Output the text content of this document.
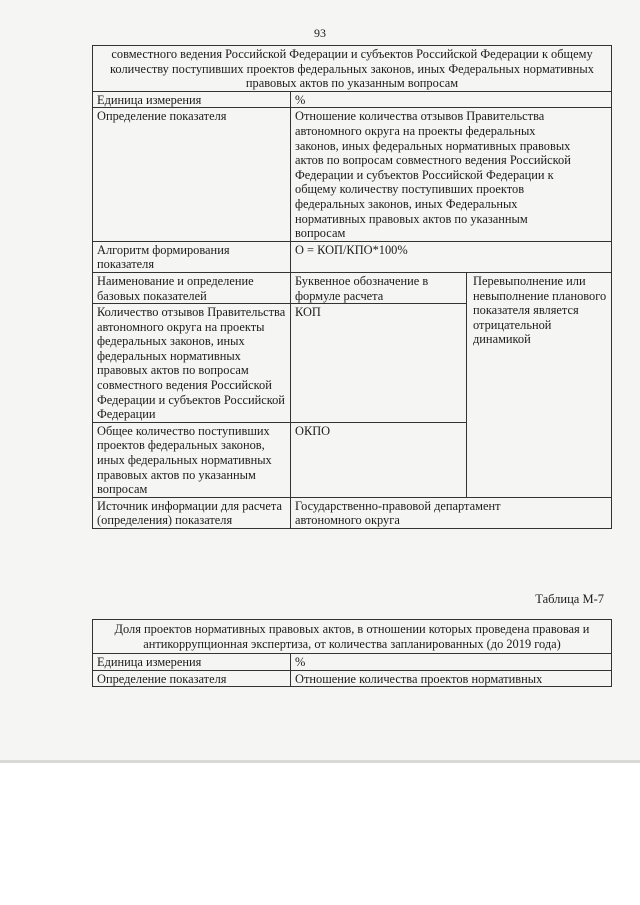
93
совместного ведения Российской Федерации и субъектов Российской Федерации к общему количеству поступивших проектов федеральных законов, иных Федеральных нормативных правовых актов по указанным вопросам		
Единица измерения	%	
Определение показателя	Отношение количества отзывов Правительства автономного округа на проекты федеральных законов, иных федеральных нормативных правовых актов по вопросам совместного ведения Российской Федерации и субъектов Российской Федерации к общему количеству поступивших проектов федеральных законов, иных Федеральных нормативных правовых актов по указанным вопросам	
Алгоритм формирования показателя	О = КОП/КПО*100%	
Наименование и определение базовых показателей	Буквенное обозначение в формуле расчета	Перевыполнение или невыполнение планового показателя является отрицательной динамикой
Количество отзывов Правительства автономного округа на проекты федеральных законов, иных федеральных нормативных правовых актов по вопросам совместного ведения Российской Федерации и субъектов Российской Федерации	КОП	
Общее количество поступивших проектов федеральных законов, иных федеральных нормативных правовых актов по указанным вопросам	ОКПО	
Источник информации для расчета (определения) показателя	Государственно-правовой департамент автономного округа	
Таблица М-7
Доля проектов нормативных правовых актов, в отношении которых проведена правовая и антикоррупционная экспертиза, от количества запланированных (до 2019 года)	
Единица измерения	%
Определение показателя	Отношение количества проектов нормативных
